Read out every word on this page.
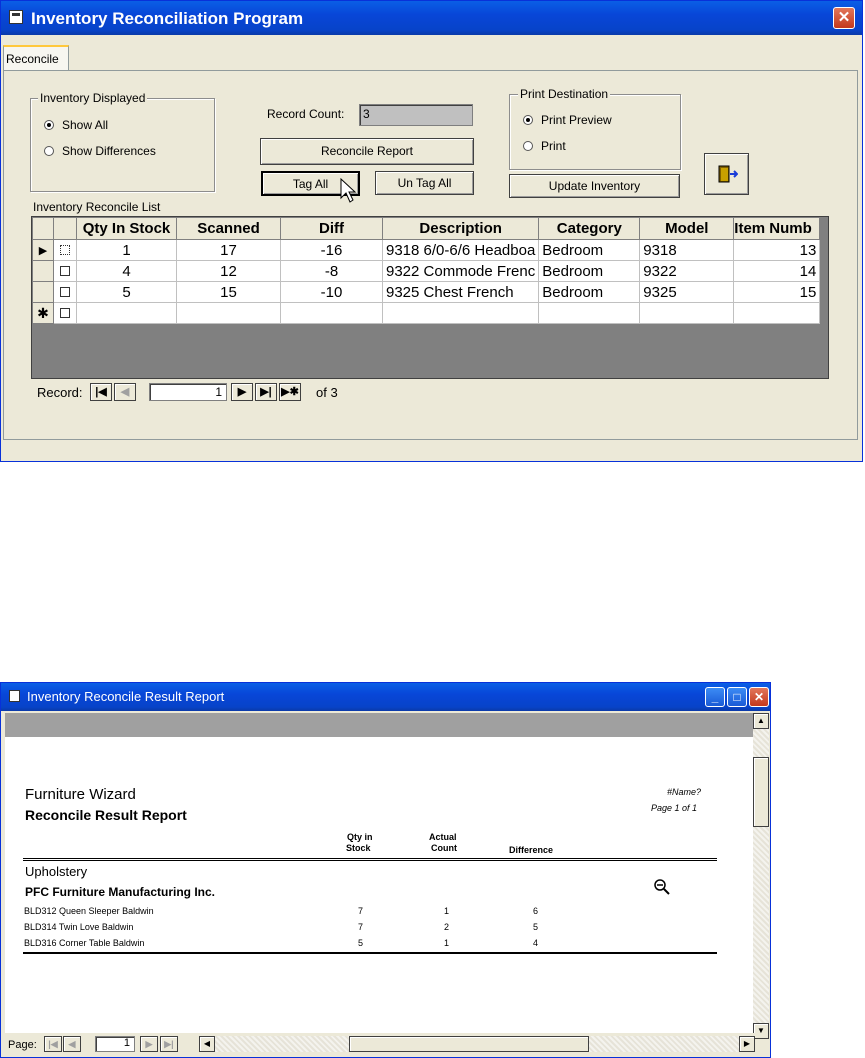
Inventory Reconciliation Program	✕
Reconcile
Inventory Displayed
Show All
Show Differences
Record Count:	3
Reconcile Report
Tag All	Un Tag All
Print Destination
Print Preview
Print
Update Inventory
Inventory Reconcile List
		Qty In Stock	Scanned	Diff	Description	Category	Model	Item Numb
▶		1	17	-16	9318 6/0-6/6 Headboa	Bedroom	9318	13
		4	12	-8	9322 Commode Frenc	Bedroom	9322	14
		5	15	-10	9325 Chest French	Bedroom	9325	15
✱								
Record:	|◀	◀	1	▶	▶| ▶✱ of 3
Inventory Reconcile Result Report	_	□	✕
Furniture Wizard
Reconcile Result Report
#Name?
Page 1 of 1
Qty in
Stock
Actual
Count	Difference
Upholstery
PFC Furniture Manufacturing Inc.
BLD312 Queen Sleeper Baldwin	7	1	6
BLD314 Twin Love Baldwin	7	2	5
BLD316 Corner Table Baldwin	5	1	4
▲
▼
Page:	|◀	◀	1	▶	▶|	◀	▶
